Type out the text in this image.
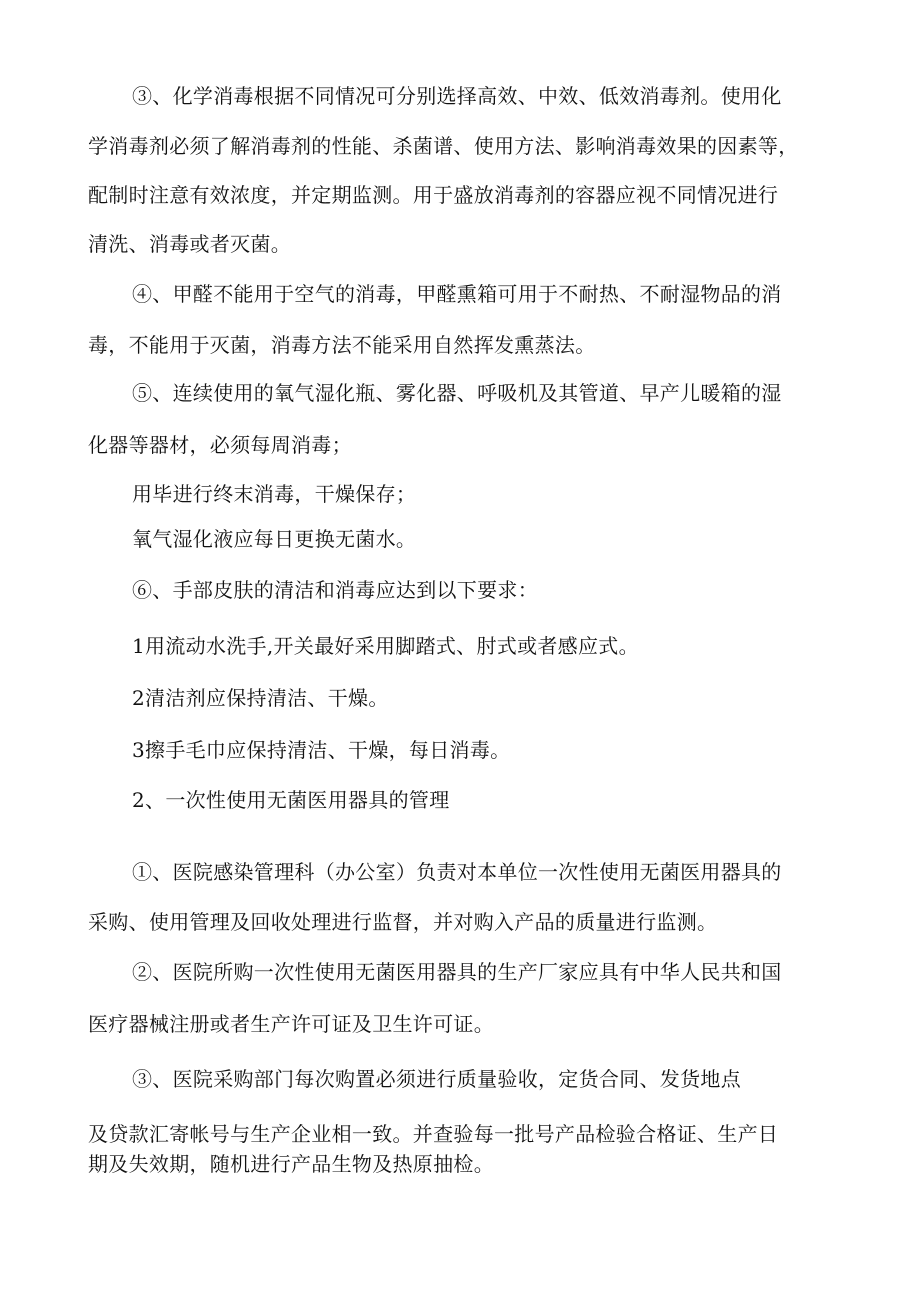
③、化学消毒根据不同情况可分别选择高效、中效、低效消毒剂。使用化
学消毒剂必须了解消毒剂的性能、杀菌谱、使用方法、影响消毒效果的因素等，
配制时注意有效浓度，并定期监测。用于盛放消毒剂的容器应视不同情况进行
清洗、消毒或者灭菌。
④、甲醛不能用于空气的消毒，甲醛熏箱可用于不耐热、不耐湿物品的消
毒，不能用于灭菌，消毒方法不能采用自然挥发熏蒸法。
⑤、连续使用的氧气湿化瓶、雾化器、呼吸机及其管道、早产儿暖箱的湿
化器等器材，必须每周消毒；
用毕进行终末消毒，干燥保存；
氧气湿化液应每日更换无菌水。
⑥、手部皮肤的清洁和消毒应达到以下要求：
1用流动水洗手,开关最好采用脚踏式、肘式或者感应式。
2清洁剂应保持清洁、干燥。
3擦手毛巾应保持清洁、干燥，每日消毒。
2、一次性使用无菌医用器具的管理
①、医院感染管理科（办公室）负责对本单位一次性使用无菌医用器具的
采购、使用管理及回收处理进行监督，并对购入产品的质量进行监测。
②、医院所购一次性使用无菌医用器具的生产厂家应具有中华人民共和国
医疗器械注册或者生产许可证及卫生许可证。
③、医院采购部门每次购置必须进行质量验收，定货合同、发货地点
及贷款汇寄帐号与生产企业相一致。并查验每一批号产品检验合格证、生产日
期及失效期，随机进行产品生物及热原抽检。
